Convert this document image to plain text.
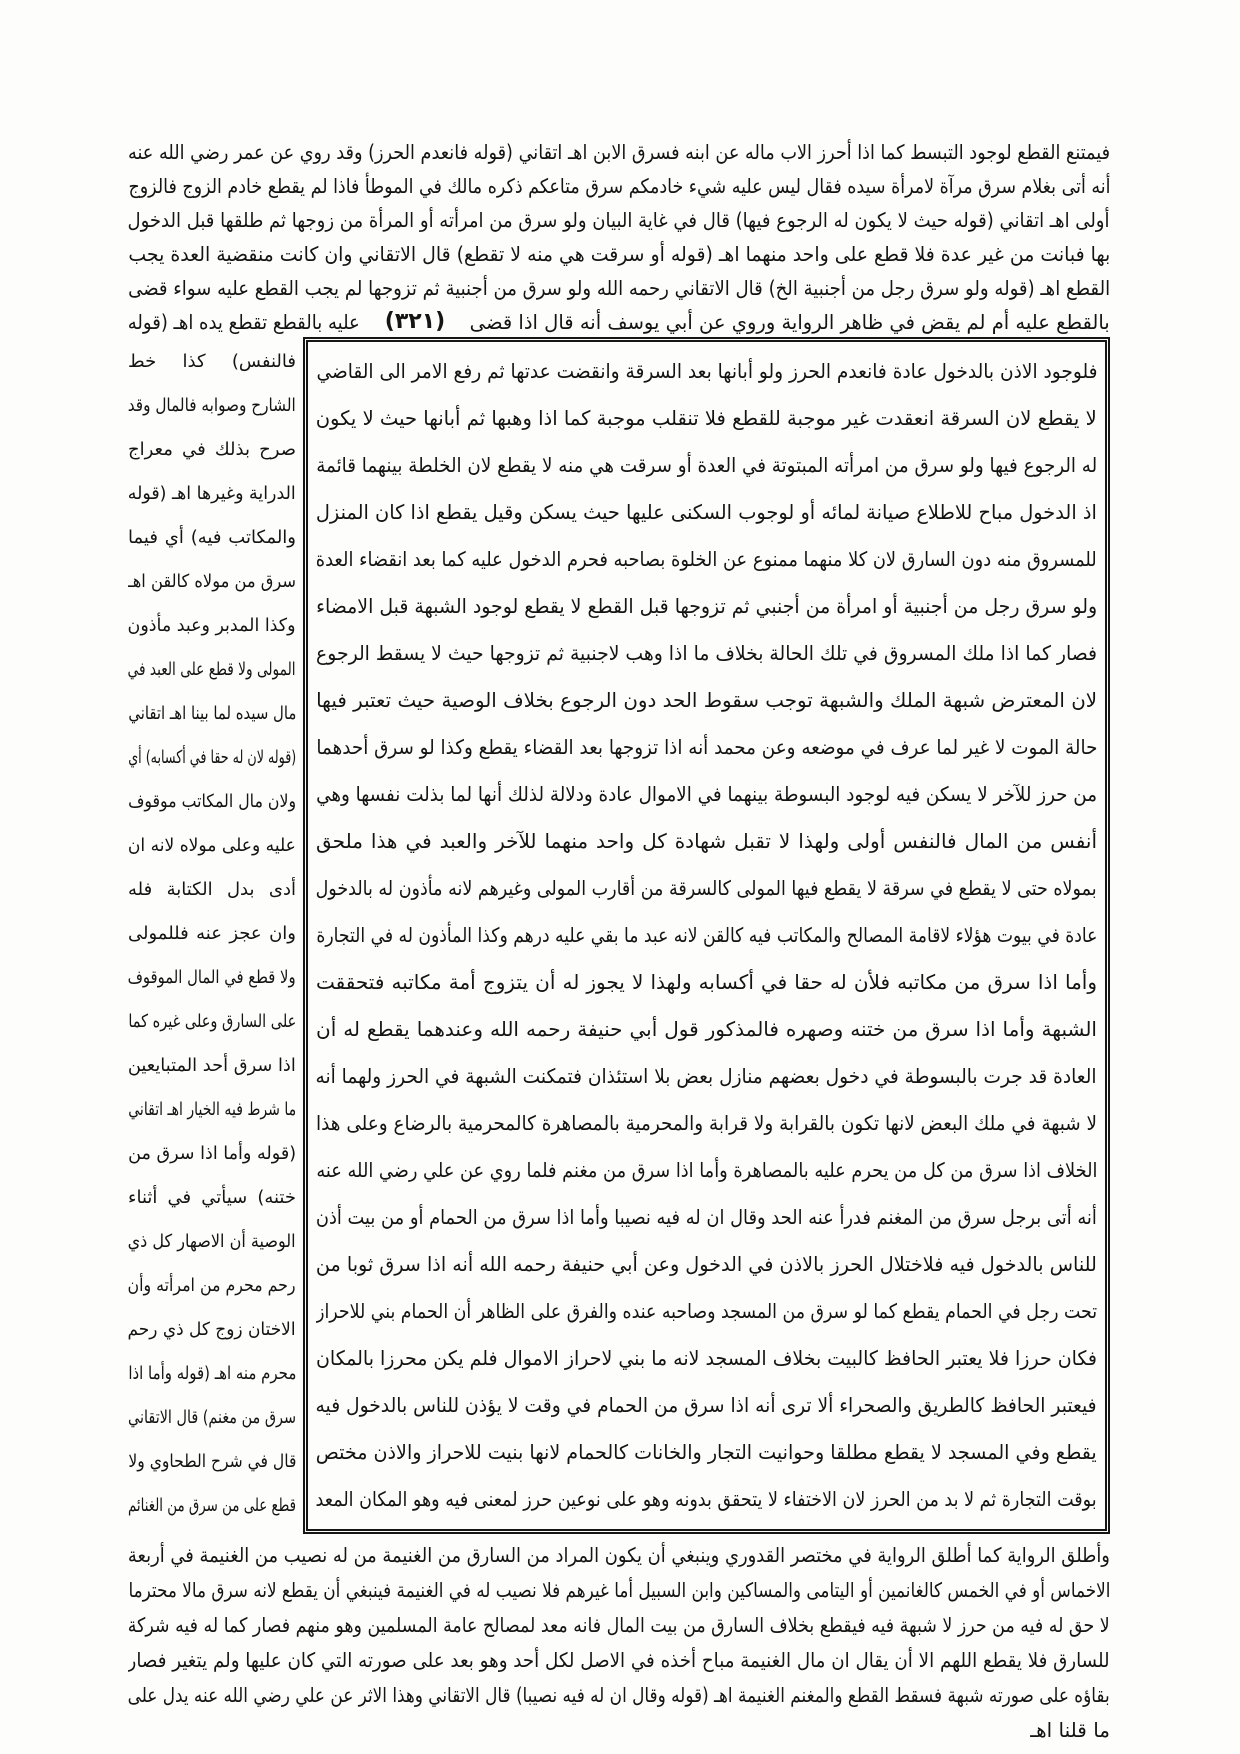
فيمتنع القطع لوجود التبسط كما اذا أحرز الاب ماله عن ابنه فسرق الابن اهـ اتقاني (قوله فانعدم الحرز) وقد روي عن عمر رضي الله عنه
أنه أتى بغلام سرق مرآة لامرأة سيده فقال ليس عليه شيء خادمكم سرق متاعكم ذكره مالك في الموطأ فاذا لم يقطع خادم الزوج فالزوج
أولى اهـ اتقاني (قوله حيث لا يكون له الرجوع فيها) قال في غاية البيان ولو سرق من امرأته أو المرأة من زوجها ثم طلقها قبل الدخول
بها فبانت من غير عدة فلا قطع على واحد منهما اهـ (قوله أو سرقت هي منه لا تقطع) قال الاتقاني وان كانت منقضية العدة يجب
القطع اهـ (قوله ولو سرق رجل من أجنبية الخ) قال الاتقاني رحمه الله ولو سرق من أجنبية ثم تزوجها لم يجب القطع عليه سواء قضى
بالقطع عليه أم لم يقض في ظاهر الرواية وروي عن أبي يوسف أنه قال اذا قضى
(٣٢١)
عليه بالقطع تقطع يده اهـ (قوله
فالنفس) كذا خط
الشارح وصوابه فالمال وقد
صرح بذلك في معراج
الدراية وغيرها اهـ (قوله
والمكاتب فيه) أي فيما
سرق من مولاه كالقن اهـ
وكذا المدبر وعبد مأذون
المولى ولا قطع على العبد في
مال سيده لما بينا اهـ اتقاني
(قوله لان له حقا في أكسابه) أي
ولان مال المكاتب موقوف
عليه وعلى مولاه لانه ان
أدى بدل الكتابة فله
وان عجز عنه فللمولى
ولا قطع في المال الموقوف
على السارق وعلى غيره كما
اذا سرق أحد المتبايعين
ما شرط فيه الخيار اهـ اتقاني
(قوله وأما اذا سرق من
ختنه) سيأتي في أثناء
الوصية أن الاصهار كل ذي
رحم محرم من امرأته وأن
الاختان زوج كل ذي رحم
محرم منه اهـ (قوله وأما اذا
سرق من مغنم) قال الاتقاني
قال في شرح الطحاوي ولا
قطع على من سرق من الغنائم
فلوجود الاذن بالدخول عادة فانعدم الحرز ولو أبانها بعد السرقة وانقضت عدتها ثم رفع الامر الى القاضي
لا يقطع لان السرقة انعقدت غير موجبة للقطع فلا تنقلب موجبة كما اذا وهبها ثم أبانها حيث لا يكون
له الرجوع فيها ولو سرق من امرأته المبتوتة في العدة أو سرقت هي منه لا يقطع لان الخلطة بينهما قائمة
اذ الدخول مباح للاطلاع صيانة لمائه أو لوجوب السكنى عليها حيث يسكن وقيل يقطع اذا كان المنزل
للمسروق منه دون السارق لان كلا منهما ممنوع عن الخلوة بصاحبه فحرم الدخول عليه كما بعد انقضاء العدة
ولو سرق رجل من أجنبية أو امرأة من أجنبي ثم تزوجها قبل القطع لا يقطع لوجود الشبهة قبل الامضاء
فصار كما اذا ملك المسروق في تلك الحالة بخلاف ما اذا وهب لاجنبية ثم تزوجها حيث لا يسقط الرجوع
لان المعترض شبهة الملك والشبهة توجب سقوط الحد دون الرجوع بخلاف الوصية حيث تعتبر فيها
حالة الموت لا غير لما عرف في موضعه وعن محمد أنه اذا تزوجها بعد القضاء يقطع وكذا لو سرق أحدهما
من حرز للآخر لا يسكن فيه لوجود البسوطة بينهما في الاموال عادة ودلالة لذلك أنها لما بذلت نفسها وهي
أنفس من المال فالنفس أولى ولهذا لا تقبل شهادة كل واحد منهما للآخر والعبد في هذا ملحق
بمولاه حتى لا يقطع في سرقة لا يقطع فيها المولى كالسرقة من أقارب المولى وغيرهم لانه مأذون له بالدخول
عادة في بيوت هؤلاء لاقامة المصالح والمكاتب فيه كالقن لانه عبد ما بقي عليه درهم وكذا المأذون له في التجارة
وأما اذا سرق من مكاتبه فلأن له حقا في أكسابه ولهذا لا يجوز له أن يتزوج أمة مكاتبه فتحققت
الشبهة وأما اذا سرق من ختنه وصهره فالمذكور قول أبي حنيفة رحمه الله وعندهما يقطع له أن
العادة قد جرت بالبسوطة في دخول بعضهم منازل بعض بلا استئذان فتمكنت الشبهة في الحرز ولهما أنه
لا شبهة في ملك البعض لانها تكون بالقرابة ولا قرابة والمحرمية بالمصاهرة كالمحرمية بالرضاع وعلى هذا
الخلاف اذا سرق من كل من يحرم عليه بالمصاهرة وأما اذا سرق من مغنم فلما روي عن علي رضي الله عنه
أنه أتى برجل سرق من المغنم فدرأ عنه الحد وقال ان له فيه نصيبا وأما اذا سرق من الحمام أو من بيت أذن
للناس بالدخول فيه فلاختلال الحرز بالاذن في الدخول وعن أبي حنيفة رحمه الله أنه اذا سرق ثوبا من
تحت رجل في الحمام يقطع كما لو سرق من المسجد وصاحبه عنده والفرق على الظاهر أن الحمام بني للاحراز
فكان حرزا فلا يعتبر الحافظ كالبيت بخلاف المسجد لانه ما بني لاحراز الاموال فلم يكن محرزا بالمكان
فيعتبر الحافظ كالطريق والصحراء ألا ترى أنه اذا سرق من الحمام في وقت لا يؤذن للناس بالدخول فيه
يقطع وفي المسجد لا يقطع مطلقا وحوانيت التجار والخانات كالحمام لانها بنيت للاحراز والاذن مختص
بوقت التجارة ثم لا بد من الحرز لان الاختفاء لا يتحقق بدونه وهو على نوعين حرز لمعنى فيه وهو المكان المعد
وأطلق الرواية كما أطلق الرواية في مختصر القدوري وينبغي أن يكون المراد من السارق من الغنيمة من له نصيب من الغنيمة في أربعة
الاخماس أو في الخمس كالغانمين أو اليتامى والمساكين وابن السبيل أما غيرهم فلا نصيب له في الغنيمة فينبغي أن يقطع لانه سرق مالا محترما
لا حق له فيه من حرز لا شبهة فيه فيقطع بخلاف السارق من بيت المال فانه معد لمصالح عامة المسلمين وهو منهم فصار كما له فيه شركة
للسارق فلا يقطع اللهم الا أن يقال ان مال الغنيمة مباح أخذه في الاصل لكل أحد وهو بعد على صورته التي كان عليها ولم يتغير فصار
بقاؤه على صورته شبهة فسقط القطع والمغنم الغنيمة اهـ (قوله وقال ان له فيه نصيبا) قال الاتقاني وهذا الاثر عن علي رضي الله عنه يدل على
ما قلنا اهـ
